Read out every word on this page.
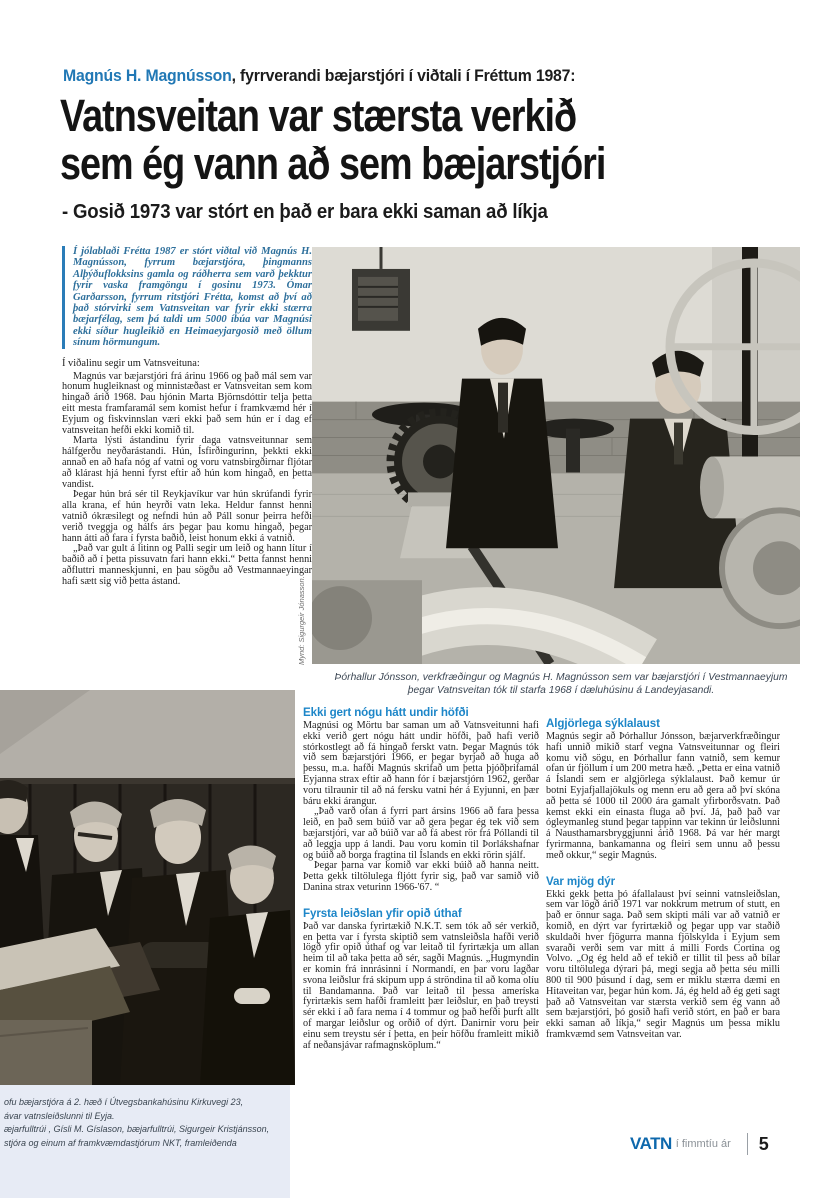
Magnús H. Magnússon, fyrrverandi bæjarstjóri í viðtali í Fréttum 1987:
Vatnsveitan var stærsta verkið
sem ég vann að sem bæjarstjóri
- Gosið 1973 var stórt en það er bara ekki saman að líkja
Í jólablaði Frétta 1987 er stórt viðtal við Magnús H. Magnússon, fyrrum bæjarstjóra, þingmanns Alþýðuflokksins gamla og ráðherra sem varð þekktur fyrir vaska framgöngu í gosinu 1973. Ómar Garðarsson, fyrrum ritstjóri Frétta, komst að því að það stórvirki sem Vatnsveitan var fyrir ekki stærra bæjarfélag, sem þá taldi um 5000 íbúa var Magnúsi ekki síður hugleikið en Heimaeyjargosið með öllum sínum hörmungum.
Í viðalinu segir um Vatnsveituna:

Magnús var bæjarstjóri frá árinu 1966 og það mál sem var honum hugleiknast og minnistæðast er Vatnsveitan sem kom hingað árið 1968. Þau hjónin Marta Björnsdóttir telja þetta eitt mesta framfaramál sem komist hefur í framkvæmd hér í Eyjum og fiskvinnslan væri ekki það sem hún er í dag ef vatnsveitan hefði ekki komið til.

Marta lýsti ástandinu fyrir daga vatnsveitunnar sem hálfgerðu neyðarástandi. Hún, Ísfirðingurinn, þekkti ekki annað en að hafa nóg af vatni og voru vatnsbirgðirnar fljótar að klárast hjá henni fyrst eftir að hún kom hingað, en þetta vandist.

Þegar hún brá sér til Reykjavíkur var hún skrúfandi fyrir alla krana, ef hún heyrði vatn leka. Heldur fannst henni vatnið ókræsilegt og nefndi hún að Páll sonur þeirra hefði verið tveggja og hálfs árs þegar þau komu hingað, þegar hann átti að fara í fyrsta baðið, leist honum ekki á vatnið.

„Það var gult á litinn og Palli segir um leið og hann lítur í baðið að í þetta pissuvatn fari hann ekki.“ Þetta fannst henni aðfluttri manneskjunni, en þau sögðu að Vestmannaeyingar hafi sætt sig við þetta ástand.	Mynd: Sigurgeir Jónasson.
Þórhallur Jónsson, verkfræðingur og Magnús H. Magnússon sem var bæjarstjóri í Vestmannaeyjum þegar Vatnsveitan tók til starfa 1968 í dæluhúsinu á Landeyjasandi.
Ekki gert nógu hátt undir höfði

Magnúsi og Mörtu bar saman um að Vatnsveitunni hafi ekki verið gert nógu hátt undir höfði, það hafi verið stórkostlegt að fá hingað ferskt vatn. Þegar Magnús tók við sem bæjarstjóri 1966, er þegar byrjað að huga að þessu, m.a. hafði Magnús skrifað um þetta þjóðþrifamál Eyjanna strax eftir að hann fór í bæjarstjórn 1962, gerðar voru tilraunir til að ná fersku vatni hér á Eyjunni, en þær báru ekki árangur.

„Það varð ofan á fyrri part ársins 1966 að fara þessa leið, en það sem búið var að gera þegar ég tek við sem bæjarstjóri, var að búið var að fá abest rör frá Póllandi til að leggja upp á landi. Þau voru komin til Þorlákshafnar og búið að borga fragtina til Íslands en ekki rörin sjálf.

Þegar þarna var komið var ekki búið að hanna neitt. Þetta gekk tiltölulega fljótt fyrir sig, það var samið við Danina strax veturinn 1966-'67. “

Fyrsta leiðslan yfir opið úthaf

Það var danska fyrirtækið N.K.T. sem tók að sér verkið, en þetta var í fyrsta skiptið sem vatnsleiðsla hafði verið lögð yfir opið úthaf og var leitað til fyrirtækja um allan heim til að taka þetta að sér, sagði Magnús. „Hugmyndin er komin frá innrásinni í Normandí, en þar voru lagðar svona leiðslur frá skipum upp á ströndina til að koma olíu til Bandamanna. Það var leitað til þessa ameríska fyrirtækis sem hafði framleitt þær leiðslur, en það treysti sér ekki í að fara nema í 4 tommur og það hefði þurft allt of margar leiðslur og orðið of dýrt. Danirnir voru þeir einu sem treystu sér í þetta, en þeir höfðu framleitt mikið af neðansjávar rafmagnsköplum.“

Algjörlega sýklalaust

Magnús segir að Þórhallur Jónsson, bæjarverkfræðingur hafi unnið mikið starf vegna Vatnsveitunnar og fleiri komu við sögu, en Þórhallur fann vatnið, sem kemur ofan úr fjöllum í um 200 metra hæð. „Þetta er eina vatnið á Íslandi sem er algjörlega sýklalaust. Það kemur úr botni Eyjafjallajökuls og menn eru að gera að því skóna að þetta sé 1000 til 2000 ára gamalt yfirborðsvatn. Það kemst ekki ein einasta fluga að því. Já, það það var ógleymanleg stund þegar tappinn var tekinn úr leiðslunni á Nausthamarsbryggjunni árið 1968. Þá var hér margt fyrirmanna, bankamanna og fleiri sem unnu að þessu með okkur,“ segir Magnús.

Var mjög dýr

Ekki gekk þetta þó áfallalaust því seinni vatnsleiðslan, sem var lögð árið 1971 var nokkrum metrum of stutt, en það er önnur saga. Það sem skipti máli var að vatnið er komið, en dýrt var fyrirtækið og þegar upp var staðið skuldaði hver fjögurra manna fjölskylda í Eyjum sem svaraði verði sem var mitt á milli Fords Cortina og Volvo. „Og ég held að ef tekið er tillit til þess að bílar voru tiltölulega dýrari þá, megi segja að þetta séu milli 800 til 900 þúsund í dag, sem er miklu stærra dæmi en Hitaveitan var, þegar hún kom. Já, ég held að ég geti sagt það að Vatnsveitan var stærsta verkið sem ég vann að sem bæjarstjóri, þó gosið hafi verið stórt, en það er bara ekki saman að líkja,“ segir Magnús um þessa miklu framkvæmd sem Vatnsveitan var.

ofu bæjarstjóra á 2. hæð í Útvegsbankahúsinu Kirkuvegi 23,
ávar vatnsleiðslunni til Eyja.
æjarfulltrúi , Gísli M. Gíslason, bæjarfulltrúi, Sigurgeir Kristjánsson,
stjóra og einum af framkvæmdastjórum NKT, framleiðenda	VATN í fimmtíu ár 5
